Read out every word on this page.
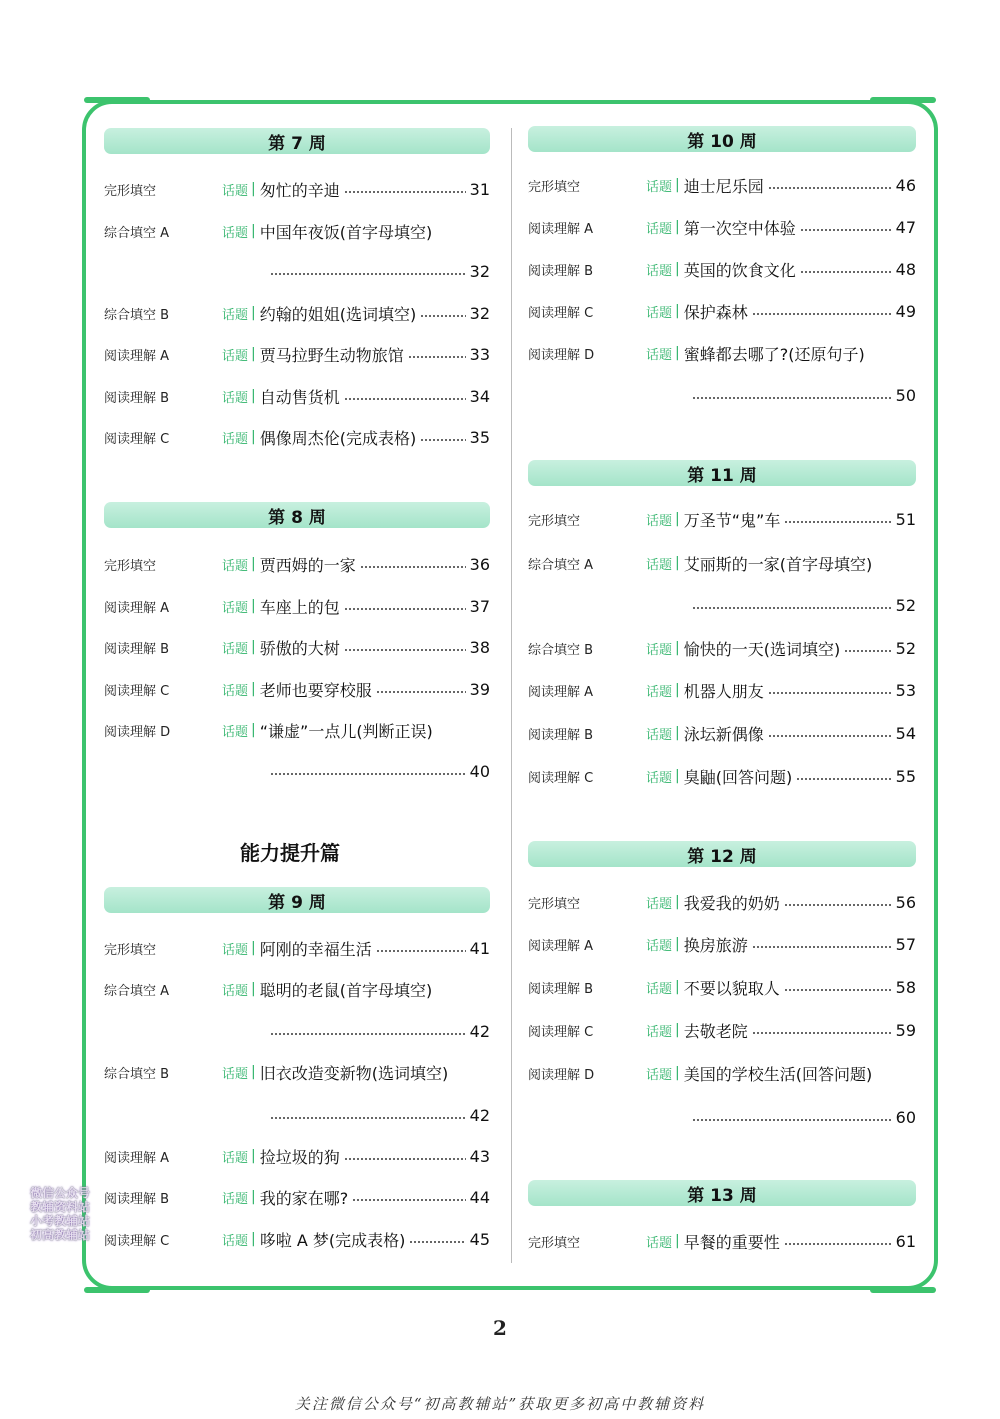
第 7 周
完形填空	话题 | 匆忙的辛迪	31
综合填空 A	话题 | 中国年夜饭(首字母填空)
32
综合填空 B	话题 | 约翰的姐姐(选词填空)	32
阅读理解 A	话题 | 贾马拉野生动物旅馆	33
阅读理解 B	话题 | 自动售货机	34
阅读理解 C	话题 | 偶像周杰伦(完成表格)	35
第 8 周
完形填空	话题 | 贾西姆的一家	36
阅读理解 A	话题 | 车座上的包	37
阅读理解 B	话题 | 骄傲的大树	38
阅读理解 C	话题 | 老师也要穿校服	39
阅读理解 D	话题 | “谦虚”一点儿(判断正误)
40
能力提升篇
第 9 周
完形填空	话题 | 阿刚的幸福生活	41
综合填空 A	话题 | 聪明的老鼠(首字母填空)
42
综合填空 B	话题 | 旧衣改造变新物(选词填空)
42
阅读理解 A	话题 | 捡垃圾的狗	43
阅读理解 B	话题 | 我的家在哪?	44
阅读理解 C	话题 | 哆啦 A 梦(完成表格)	45
第 10 周
完形填空	话题 | 迪士尼乐园	46
阅读理解 A	话题 | 第一次空中体验	47
阅读理解 B	话题 | 英国的饮食文化	48
阅读理解 C	话题 | 保护森林	49
阅读理解 D	话题 | 蜜蜂都去哪了?(还原句子)
50
第 11 周
完形填空	话题 | 万圣节“鬼”车	51
综合填空 A	话题 | 艾丽斯的一家(首字母填空)
52
综合填空 B	话题 | 愉快的一天(选词填空)	52
阅读理解 A	话题 | 机器人朋友	53
阅读理解 B	话题 | 泳坛新偶像	54
阅读理解 C	话题 | 臭鼬(回答问题)	55
第 12 周
完形填空	话题 | 我爱我的奶奶	56
阅读理解 A	话题 | 换房旅游	57
阅读理解 B	话题 | 不要以貌取人	58
阅读理解 C	话题 | 去敬老院	59
阅读理解 D	话题 | 美国的学校生活(回答问题)
60
第 13 周
完形填空	话题 | 早餐的重要性	61
微信公众号
教辅资料站
小考教辅站
初高教辅站
2
关注微信公众号“初高教辅站”获取更多初高中教辅资料
